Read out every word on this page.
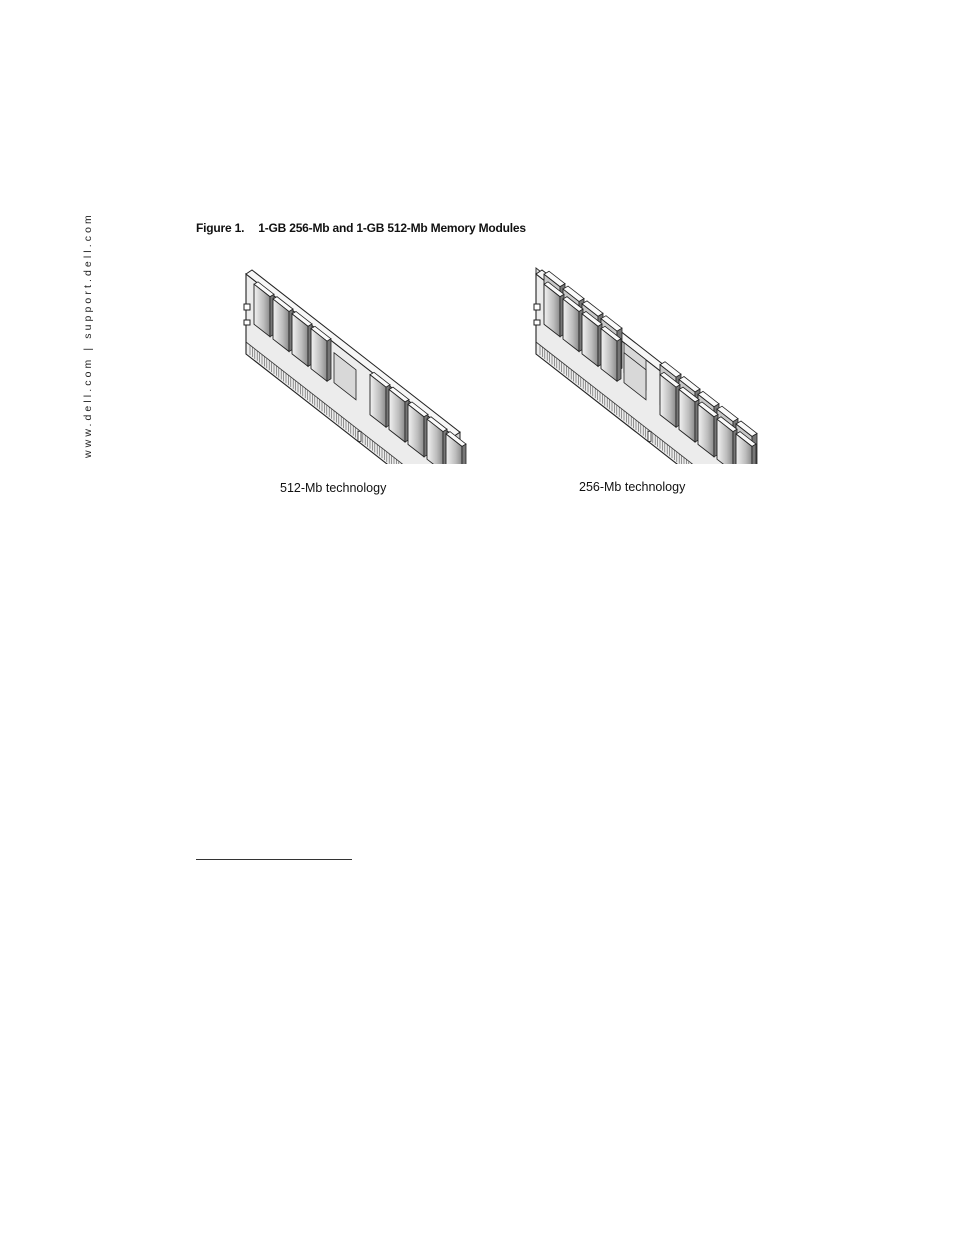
www.dell.com | support.dell.com	Figure 1. 1-GB 256-Mb and 1-GB 512-Mb Memory Modules
512-Mb technology	256-Mb technology
